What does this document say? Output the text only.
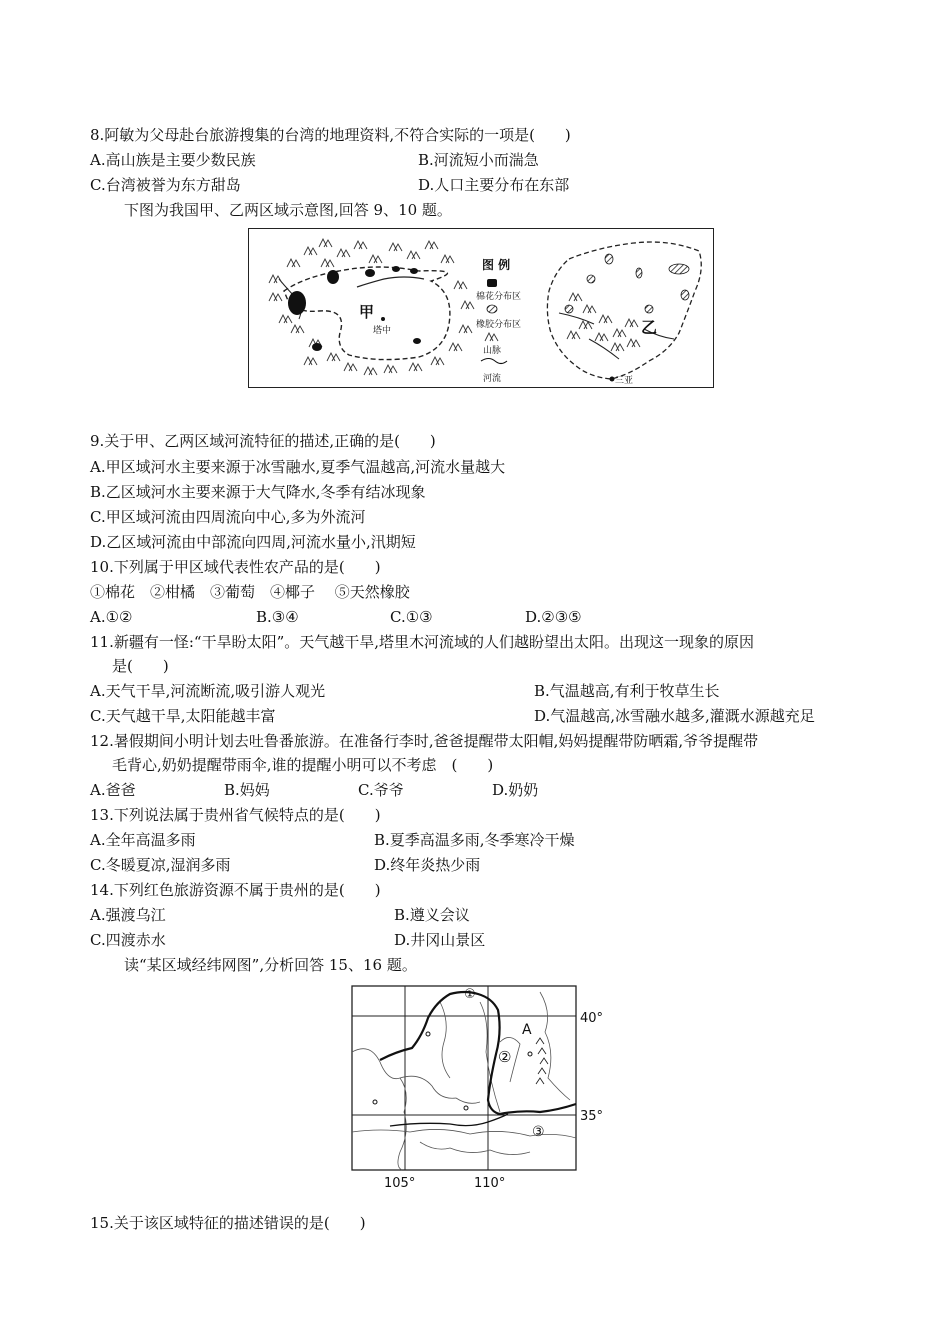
8.阿敏为父母赴台旅游搜集的台湾的地理资料,不符合实际的一项是(　　)
A.高山族是主要少数民族	B.河流短小而湍急
C.台湾被誉为东方甜岛	D.人口主要分布在东部
下图为我国甲、乙两区域示意图,回答 9、10 题。
甲
塔中
图 例
棉花分布区
橡胶分布区
山脉
河流
乙
三亚
9.关于甲、乙两区域河流特征的描述,正确的是(　　)
A.甲区域河水主要来源于冰雪融水,夏季气温越高,河流水量越大
B.乙区域河水主要来源于大气降水,冬季有结冰现象
C.甲区域河流由四周流向中心,多为外流河
D.乙区域河流由中部流向四周,河流水量小,汛期短
10.下列属于甲区域代表性农产品的是(　　)
①棉花　②柑橘　③葡萄　④椰子　 ⑤天然橡胶
A.①②	B.③④	C.①③	D.②③⑤
11.新疆有一怪:“干旱盼太阳”。天气越干旱,塔里木河流域的人们越盼望出太阳。出现这一现象的原因
是(　　)
A.天气干旱,河流断流,吸引游人观光	B.气温越高,有利于牧草生长
C.天气越干旱,太阳能越丰富	D.气温越高,冰雪融水越多,灌溉水源越充足
12.暑假期间小明计划去吐鲁番旅游。在准备行李时,爸爸提醒带太阳帽,妈妈提醒带防晒霜,爷爷提醒带
毛背心,奶奶提醒带雨伞,谁的提醒小明可以不考虑　(　　)
A.爸爸	B.妈妈	C.爷爷	D.奶奶
13.下列说法属于贵州省气候特点的是(　　)
A.全年高温多雨	B.夏季高温多雨,冬季寒冷干燥
C.冬暖夏凉,湿润多雨	D.终年炎热少雨
14.下列红色旅游资源不属于贵州的是(　　)
A.强渡乌江	B.遵义会议
C.四渡赤水	D.井冈山景区
读“某区域经纬网图”,分析回答 15、16 题。
①
A
②
③
40°
35°
105°	110°
15.关于该区域特征的描述错误的是(　　)
